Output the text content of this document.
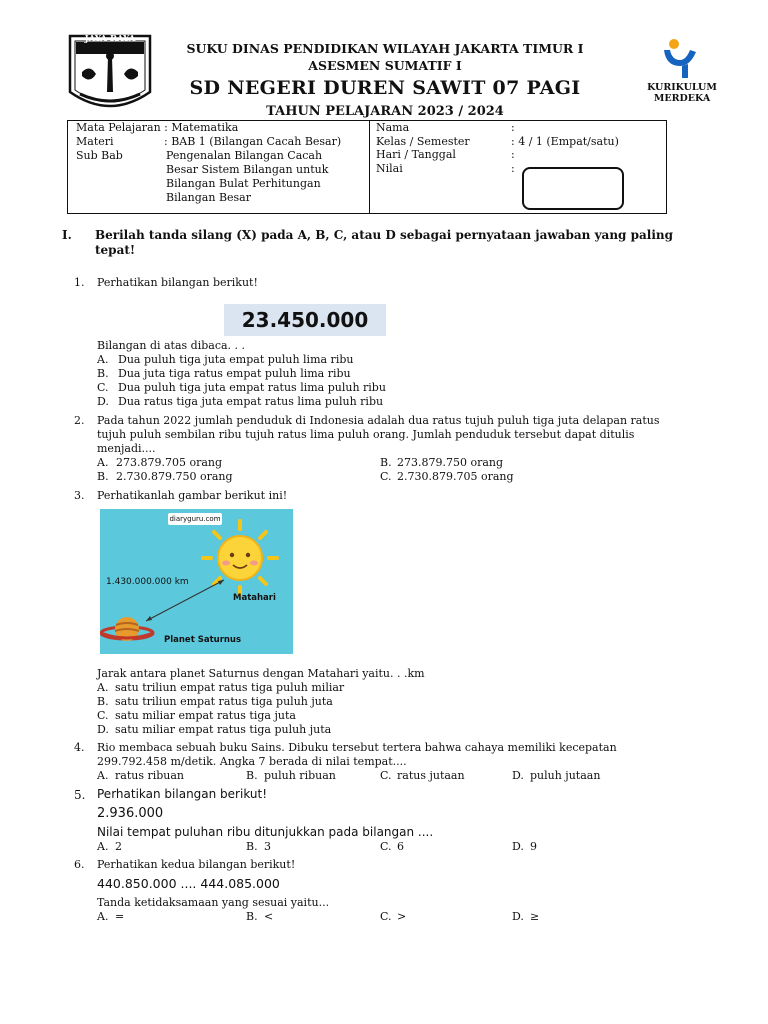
JAYA RAYA
SUKU DINAS PENDIDIKAN WILAYAH JAKARTA TIMUR I
ASESMEN SUMATIF I
SD NEGERI DUREN SAWIT 07 PAGI
TAHUN PELAJARAN 2023 / 2024
KURIKULUM MERDEKA
Mata Pelajaran : Matematika
Materi	: BAB 1 (Bilangan Cacah Besar)
Sub Bab	Pengenalan Bilangan Cacah
Besar Sistem Bilangan untuk
Bilangan Bulat Perhitungan
Bilangan Besar
Nama	:
Kelas / Semester	: 4 / 1 (Empat/satu)
Hari / Tanggal	:
Nilai	:
I. Berilah tanda silang (X) pada A, B, C, atau D sebagai pernyataan jawaban yang paling
tepat!
1. Perhatikan bilangan berikut!
23.450.000
Bilangan di atas dibaca. . .
A. Dua puluh tiga juta empat puluh lima ribu
B. Dua juta tiga ratus empat puluh lima ribu
C. Dua puluh tiga juta empat ratus lima puluh ribu
D. Dua ratus tiga juta empat ratus lima puluh ribu
2. Pada tahun 2022 jumlah penduduk di Indonesia adalah dua ratus tujuh puluh tiga juta delapan ratus
tujuh puluh sembilan ribu tujuh ratus lima puluh orang. Jumlah penduduk tersebut dapat ditulis
menjadi....
A. 273.879.705 orang	B. 273.879.750 orang
B. 2.730.879.750 orang	C. 2.730.879.705 orang
3. Perhatikanlah gambar berikut ini!
diaryguru.com
1.430.000.000 km
Matahari
Planet Saturnus
Jarak antara planet Saturnus dengan Matahari yaitu. . .km
A. satu triliun empat ratus tiga puluh miliar
B. satu triliun empat ratus tiga puluh juta
C. satu miliar empat ratus tiga juta
D. satu miliar empat ratus tiga puluh juta
4. Rio membaca sebuah buku Sains. Dibuku tersebut tertera bahwa cahaya memiliki kecepatan
299.792.458 m/detik. Angka 7 berada di nilai tempat....
A. ratus ribuan	B. puluh ribuan	C. ratus jutaan	D. puluh jutaan
5. Perhatikan bilangan berikut!
2.936.000
Nilai tempat puluhan ribu ditunjukkan pada bilangan ....
A. 2	B. 3	C. 6	D. 9
6. Perhatikan kedua bilangan berikut!
440.850.000 .... 444.085.000
Tanda ketidaksamaan yang sesuai yaitu...
A. =	B. <	C. >	D. ≥
